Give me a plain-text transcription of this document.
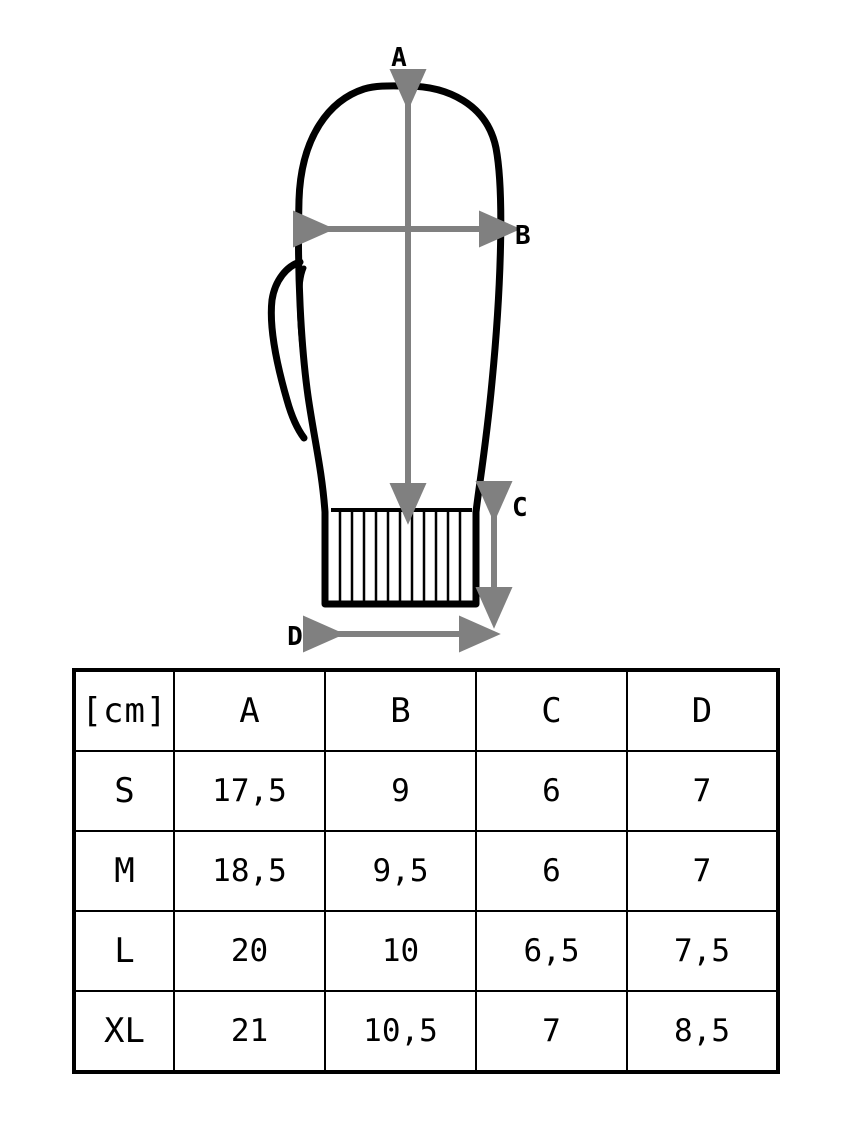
A
B
C
D
[cm]	A	B	C	D
S	17,5	9	6	7
M	18,5	9,5	6	7
L	20	10	6,5	7,5
XL	21	10,5	7	8,5
